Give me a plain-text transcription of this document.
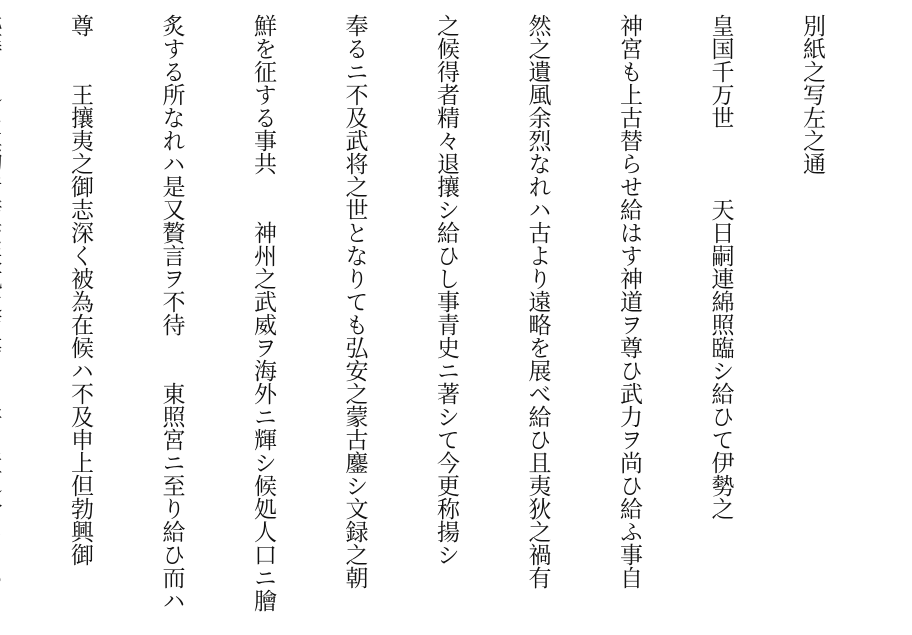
別紙之写左之通

皇国千万世　　　天日嗣連綿照臨シ給ひて伊勢之

神宮も上古替らせ給はす神道ヲ尊ひ武力ヲ尚ひ給ふ事自

然之遺風余烈なれハ古より遠略を展べ給ひ且夷狄之禍有

之候得者精々退攘シ給ひし事青史ニ著シて今更称揚シ

奉るニ不及武将之世となりても弘安之蒙古鏖シ文録之朝

鮮を征する事共　　神州之武威ヲ海外ニ輝シ候処人口ニ膾

炙する所なれハ是又贅言ヲ不待　　東照宮ニ至り給ひ而ハ

尊　　王攘夷之御志深く被為在候ハ不及申上但勃興御
